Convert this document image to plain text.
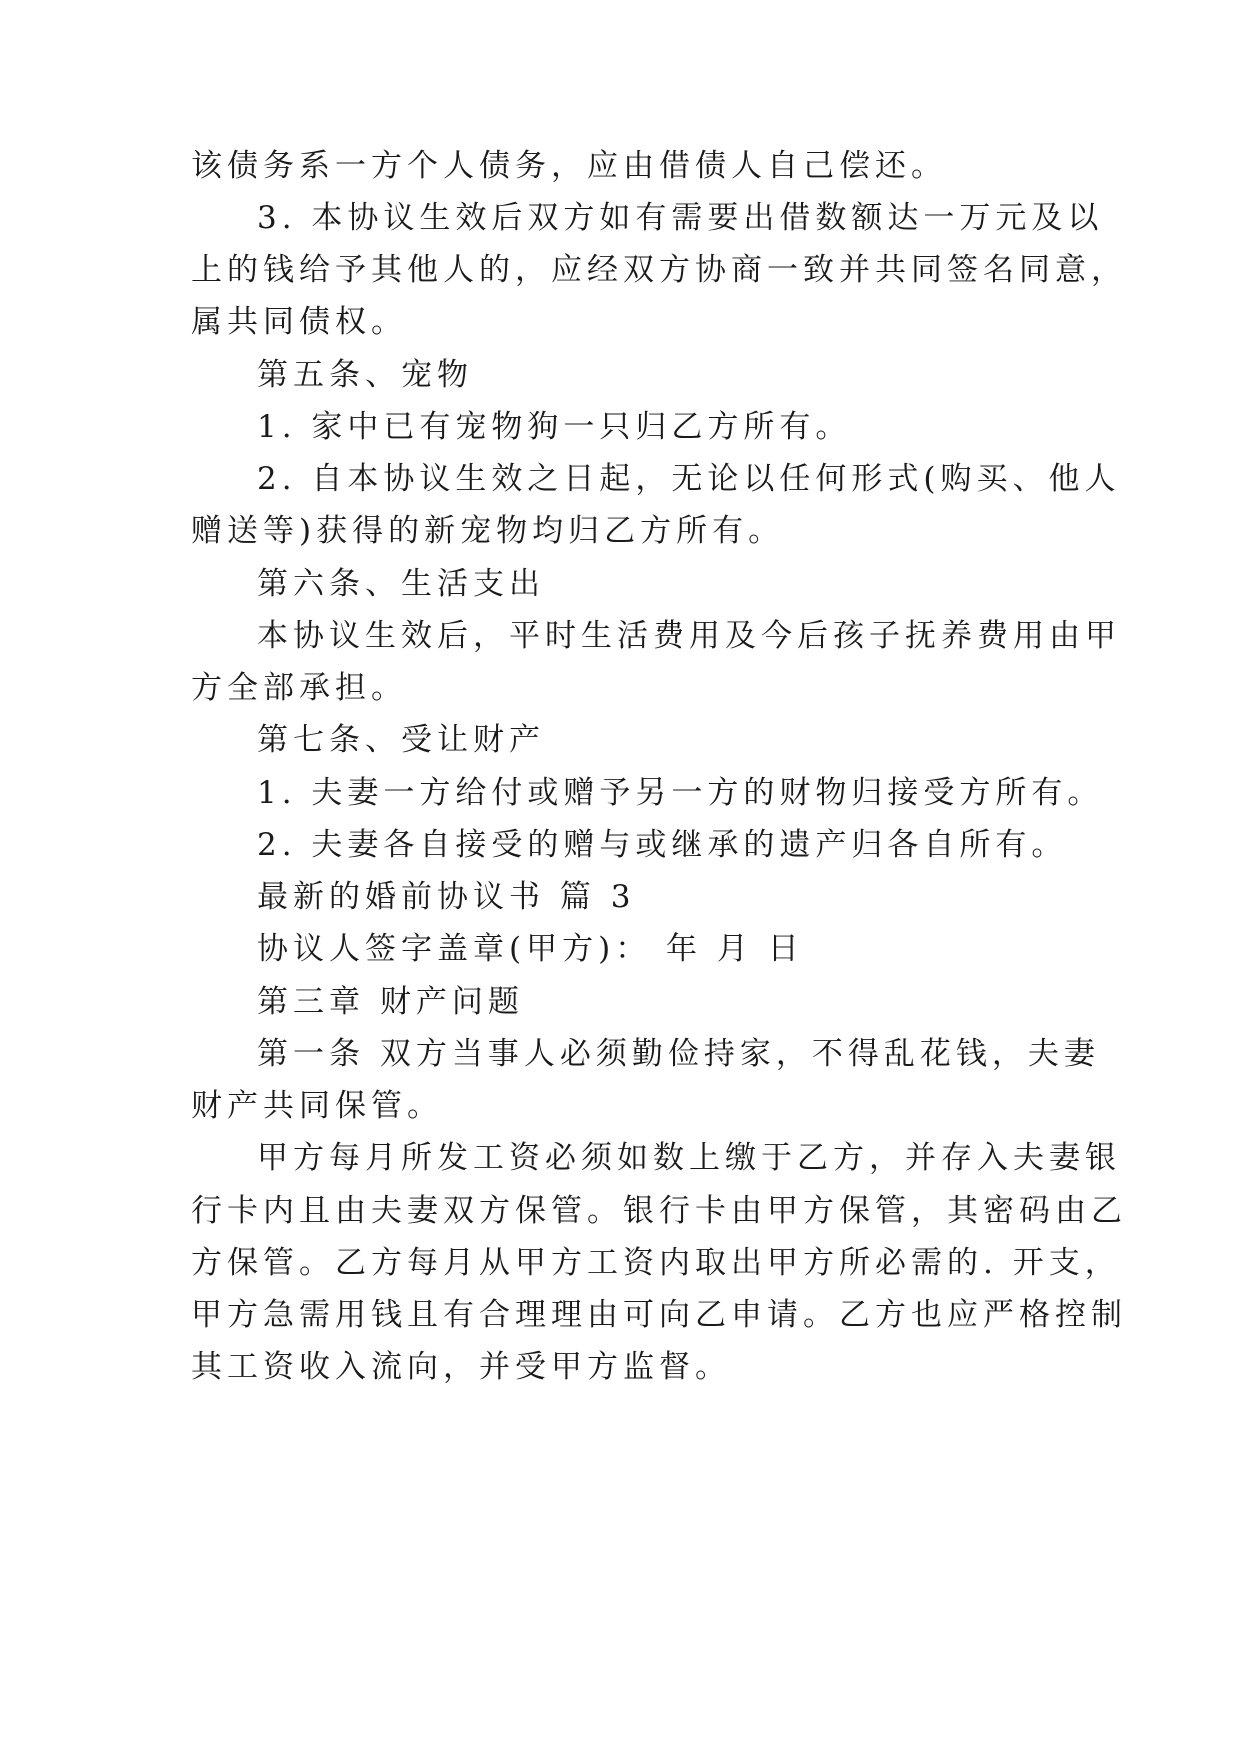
该债务系一方个人债务，应由借债人自己偿还。

3. 本协议生效后双方如有需要出借数额达一万元及以

上的钱给予其他人的，应经双方协商一致并共同签名同意，

属共同债权。

第五条、宠物

1. 家中已有宠物狗一只归乙方所有。

2. 自本协议生效之日起，无论以任何形式(购买、他人

赠送等)获得的新宠物均归乙方所有。

第六条、生活支出

本协议生效后，平时生活费用及今后孩子抚养费用由甲

方全部承担。

第七条、受让财产

1. 夫妻一方给付或赠予另一方的财物归接受方所有。

2. 夫妻各自接受的赠与或继承的遗产归各自所有。

最新的婚前协议书 篇 3

协议人签字盖章(甲方)： 年 月 日

第三章 财产问题

第一条 双方当事人必须勤俭持家，不得乱花钱，夫妻

财产共同保管。

甲方每月所发工资必须如数上缴于乙方，并存入夫妻银

行卡内且由夫妻双方保管。银行卡由甲方保管，其密码由乙

方保管。乙方每月从甲方工资内取出甲方所必需的. 开支，

甲方急需用钱且有合理理由可向乙申请。乙方也应严格控制

其工资收入流向，并受甲方监督。
